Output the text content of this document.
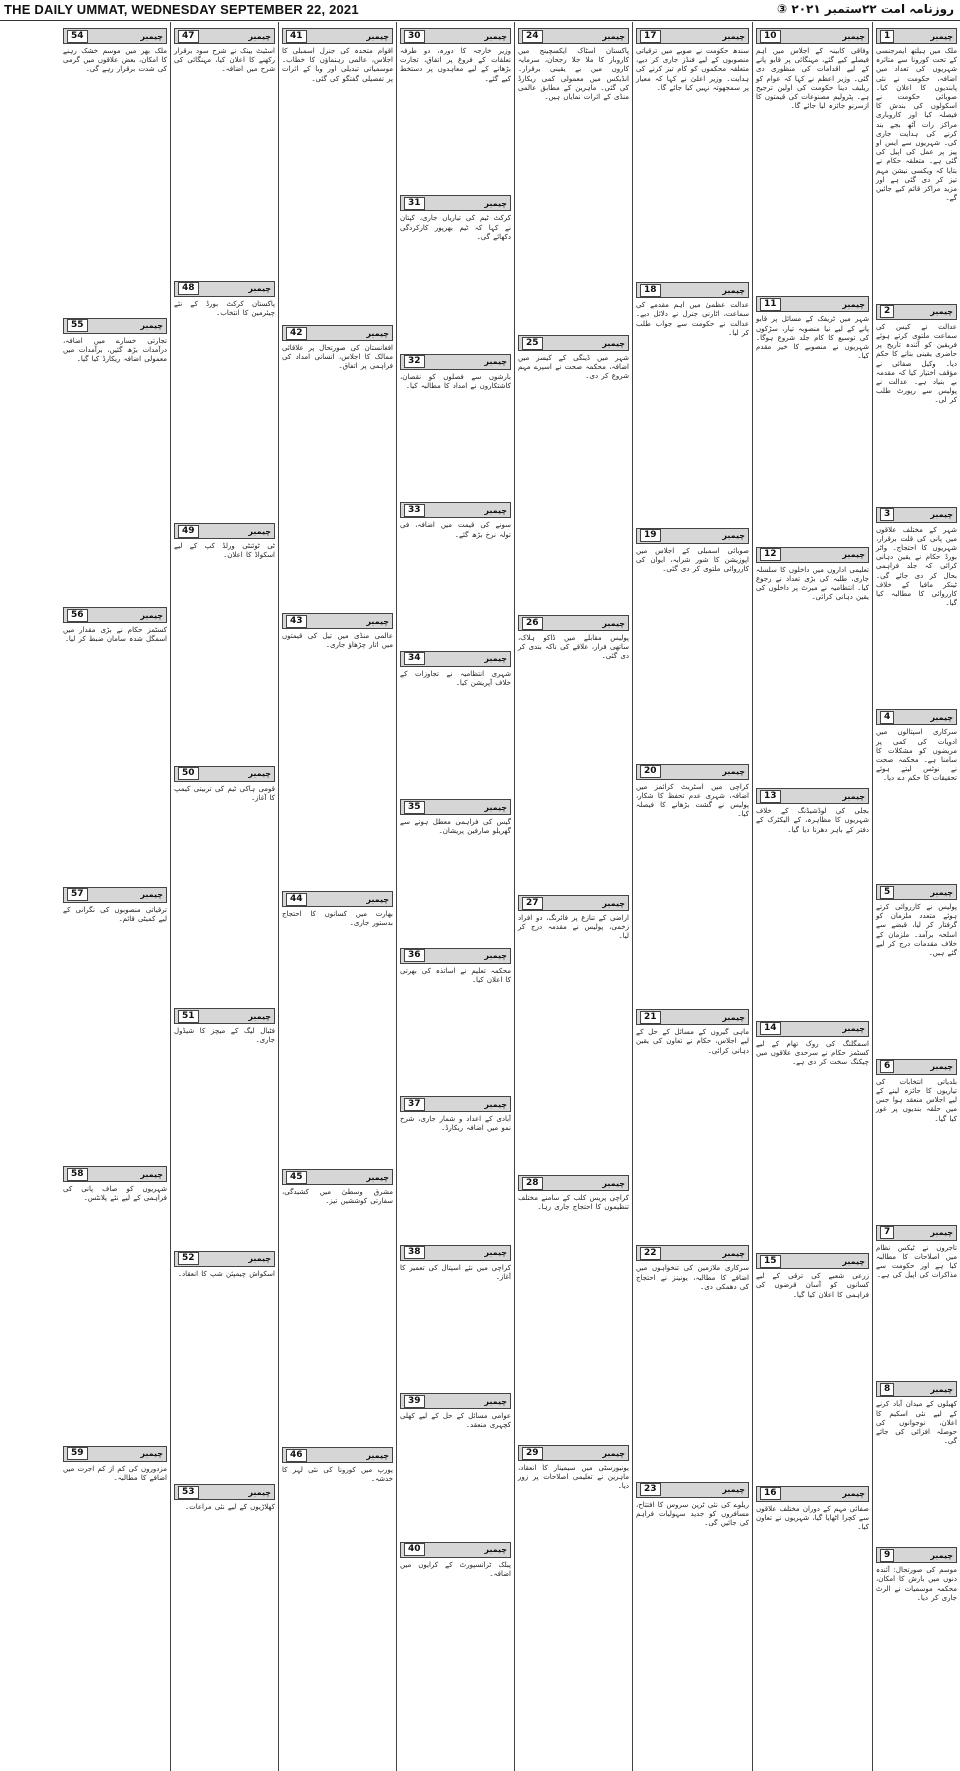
THE DAILY UMMAT, WEDNESDAY SEPTEMBER 22, 2021	روزنامہ امت ۲۲ستمبر ۲۰۲۱ ③
1	چیمبر
ملک میں ہیلتھ ایمرجنسی کے تحت کورونا سے متاثرہ شہریوں کی تعداد میں اضافہ، حکومت نے نئی پابندیوں کا اعلان کیا۔ صوبائی حکومت نے اسکولوں کی بندش کا فیصلہ کیا اور کاروباری مراکز رات آٹھ بجے بند کرنے کی ہدایت جاری کی۔ شہریوں سے ایس او پیز پر عمل کی اپیل کی گئی ہے۔ متعلقہ حکام نے بتایا کہ ویکسی نیشن مہم تیز کر دی گئی ہے اور مزید مراکز قائم کیے جائیں گے۔
2	چیمبر
عدالت نے کیس کی سماعت ملتوی کرتے ہوئے فریقین کو آئندہ تاریخ پر حاضری یقینی بنانے کا حکم دیا۔ وکیل صفائی نے مؤقف اختیار کیا کہ مقدمہ بے بنیاد ہے۔ عدالت نے پولیس سے رپورٹ طلب کر لی۔
3	چیمبر
شہر کے مختلف علاقوں میں پانی کی قلت برقرار، شہریوں کا احتجاج۔ واٹر بورڈ حکام نے یقین دہانی کرائی کہ جلد فراہمی بحال کر دی جائے گی۔ ٹینکر مافیا کے خلاف کارروائی کا مطالبہ کیا گیا۔
4	چیمبر
سرکاری اسپتالوں میں ادویات کی کمی پر مریضوں کو مشکلات کا سامنا ہے۔ محکمہ صحت نے نوٹس لیتے ہوئے تحقیقات کا حکم دے دیا۔
5	چیمبر
پولیس نے کارروائی کرتے ہوئے متعدد ملزمان کو گرفتار کر لیا، قبضے سے اسلحہ برآمد۔ ملزمان کے خلاف مقدمات درج کر لیے گئے ہیں۔
6	چیمبر
بلدیاتی انتخابات کی تیاریوں کا جائزہ لینے کے لیے اجلاس منعقد ہوا جس میں حلقہ بندیوں پر غور کیا گیا۔
7	چیمبر
تاجروں نے ٹیکس نظام میں اصلاحات کا مطالبہ کیا ہے اور حکومت سے مذاکرات کی اپیل کی ہے۔
8	چیمبر
کھیلوں کے میدان آباد کرنے کے لیے نئی اسکیم کا اعلان، نوجوانوں کی حوصلہ افزائی کی جائے گی۔
9	چیمبر
موسم کی صورتحال: آئندہ دنوں میں بارش کا امکان، محکمہ موسمیات نے الرٹ جاری کر دیا۔
10	چیمبر
وفاقی کابینہ کے اجلاس میں اہم فیصلے کیے گئے، مہنگائی پر قابو پانے کے لیے اقدامات کی منظوری دی گئی۔ وزیر اعظم نے کہا کہ عوام کو ریلیف دینا حکومت کی اولین ترجیح ہے۔ پٹرولیم مصنوعات کی قیمتوں کا ازسرنو جائزہ لیا جائے گا۔
11	چیمبر
شہر میں ٹریفک کے مسائل پر قابو پانے کے لیے نیا منصوبہ تیار، سڑکوں کی توسیع کا کام جلد شروع ہوگا۔ شہریوں نے منصوبے کا خیر مقدم کیا۔
12	چیمبر
تعلیمی اداروں میں داخلوں کا سلسلہ جاری، طلبہ کی بڑی تعداد نے رجوع کیا۔ انتظامیہ نے میرٹ پر داخلوں کی یقین دہانی کرائی۔
13	چیمبر
بجلی کی لوڈشیڈنگ کے خلاف شہریوں کا مظاہرہ، کے الیکٹرک کے دفتر کے باہر دھرنا دیا گیا۔
14	چیمبر
اسمگلنگ کی روک تھام کے لیے کسٹمز حکام نے سرحدی علاقوں میں چیکنگ سخت کر دی ہے۔
15	چیمبر
زرعی شعبے کی ترقی کے لیے کسانوں کو آسان قرضوں کی فراہمی کا اعلان کیا گیا۔
16	چیمبر
صفائی مہم کے دوران مختلف علاقوں سے کچرا اٹھایا گیا، شہریوں نے تعاون کیا۔
17	چیمبر
سندھ حکومت نے صوبے میں ترقیاتی منصوبوں کے لیے فنڈز جاری کر دیے، متعلقہ محکموں کو کام تیز کرنے کی ہدایت۔ وزیر اعلیٰ نے کہا کہ معیار پر سمجھوتہ نہیں کیا جائے گا۔
18	چیمبر
عدالت عظمیٰ میں اہم مقدمے کی سماعت، اٹارنی جنرل نے دلائل دیے۔ عدالت نے حکومت سے جواب طلب کر لیا۔
19	چیمبر
صوبائی اسمبلی کے اجلاس میں اپوزیشن کا شور شرابہ، ایوان کی کارروائی ملتوی کر دی گئی۔
20	چیمبر
کراچی میں اسٹریٹ کرائمز میں اضافہ، شہری عدم تحفظ کا شکار، پولیس نے گشت بڑھانے کا فیصلہ کیا۔
21	چیمبر
ماہی گیروں کے مسائل کے حل کے لیے اجلاس، حکام نے تعاون کی یقین دہانی کرائی۔
22	چیمبر
سرکاری ملازمین کی تنخواہوں میں اضافے کا مطالبہ، یونینز نے احتجاج کی دھمکی دی۔
23	چیمبر
ریلوے کی نئی ٹرین سروس کا افتتاح، مسافروں کو جدید سہولیات فراہم کی جائیں گی۔
24	چیمبر
پاکستان اسٹاک ایکسچینج میں کاروبار کا ملا جلا رجحان، سرمایہ کاروں میں بے یقینی برقرار۔ انڈیکس میں معمولی کمی ریکارڈ کی گئی۔ ماہرین کے مطابق عالمی منڈی کے اثرات نمایاں ہیں۔
25	چیمبر
شہر میں ڈینگی کے کیسز میں اضافہ، محکمہ صحت نے اسپرے مہم شروع کر دی۔
26	چیمبر
پولیس مقابلے میں ڈاکو ہلاک، ساتھی فرار، علاقے کی ناکہ بندی کر دی گئی۔
27	چیمبر
اراضی کے تنازع پر فائرنگ، دو افراد زخمی، پولیس نے مقدمہ درج کر لیا۔
28	چیمبر
کراچی پریس کلب کے سامنے مختلف تنظیموں کا احتجاج جاری رہا۔
29	چیمبر
یونیورسٹی میں سیمینار کا انعقاد، ماہرین نے تعلیمی اصلاحات پر زور دیا۔
30	چیمبر
وزیر خارجہ کا دورہ، دو طرفہ تعلقات کے فروغ پر اتفاق، تجارت بڑھانے کے لیے معاہدوں پر دستخط کیے گئے۔
31	چیمبر
کرکٹ ٹیم کی تیاریاں جاری، کپتان نے کہا کہ ٹیم بھرپور کارکردگی دکھائے گی۔
32	چیمبر
بارشوں سے فصلوں کو نقصان، کاشتکاروں نے امداد کا مطالبہ کیا۔
33	چیمبر
سونے کی قیمت میں اضافہ، فی تولہ نرخ بڑھ گئے۔
34	چیمبر
شہری انتظامیہ نے تجاوزات کے خلاف آپریشن کیا۔
35	چیمبر
گیس کی فراہمی معطل ہونے سے گھریلو صارفین پریشان۔
36	چیمبر
محکمہ تعلیم نے اساتذہ کی بھرتی کا اعلان کیا۔
37	چیمبر
آبادی کے اعداد و شمار جاری، شرح نمو میں اضافہ ریکارڈ۔
38	چیمبر
کراچی میں نئے اسپتال کی تعمیر کا آغاز۔
39	چیمبر
عوامی مسائل کے حل کے لیے کھلی کچہری منعقد۔
40	چیمبر
پبلک ٹرانسپورٹ کے کرایوں میں اضافہ۔
41	چیمبر
اقوام متحدہ کی جنرل اسمبلی کا اجلاس، عالمی رہنماؤں کا خطاب۔ موسمیاتی تبدیلی اور وبا کے اثرات پر تفصیلی گفتگو کی گئی۔
42	چیمبر
افغانستان کی صورتحال پر علاقائی ممالک کا اجلاس، انسانی امداد کی فراہمی پر اتفاق۔
43	چیمبر
عالمی منڈی میں تیل کی قیمتوں میں اتار چڑھاؤ جاری۔
44	چیمبر
بھارت میں کسانوں کا احتجاج بدستور جاری۔
45	چیمبر
مشرق وسطیٰ میں کشیدگی، سفارتی کوششیں تیز۔
46	چیمبر
یورپ میں کورونا کی نئی لہر کا خدشہ۔
47	چیمبر
اسٹیٹ بینک نے شرح سود برقرار رکھنے کا اعلان کیا، مہنگائی کی شرح میں اضافہ۔
48	چیمبر
پاکستان کرکٹ بورڈ کے نئے چیئرمین کا انتخاب۔
49	چیمبر
ٹی ٹوئنٹی ورلڈ کپ کے لیے اسکواڈ کا اعلان۔
50	چیمبر
قومی ہاکی ٹیم کی تربیتی کیمپ کا آغاز۔
51	چیمبر
فٹبال لیگ کے میچز کا شیڈول جاری۔
52	چیمبر
اسکواش چیمپئن شپ کا انعقاد۔
53	چیمبر
کھلاڑیوں کے لیے نئی مراعات۔
54	چیمبر
ملک بھر میں موسم خشک رہنے کا امکان، بعض علاقوں میں گرمی کی شدت برقرار رہے گی۔
55	چیمبر
تجارتی خسارے میں اضافہ، درآمدات بڑھ گئیں، برآمدات میں معمولی اضافہ ریکارڈ کیا گیا۔
56	چیمبر
کسٹمز حکام نے بڑی مقدار میں اسمگل شدہ سامان ضبط کر لیا۔
57	چیمبر
ترقیاتی منصوبوں کی نگرانی کے لیے کمیٹی قائم۔
58	چیمبر
شہریوں کو صاف پانی کی فراہمی کے لیے نئے پلانٹس۔
59	چیمبر
مزدوروں کی کم از کم اجرت میں اضافے کا مطالبہ۔
